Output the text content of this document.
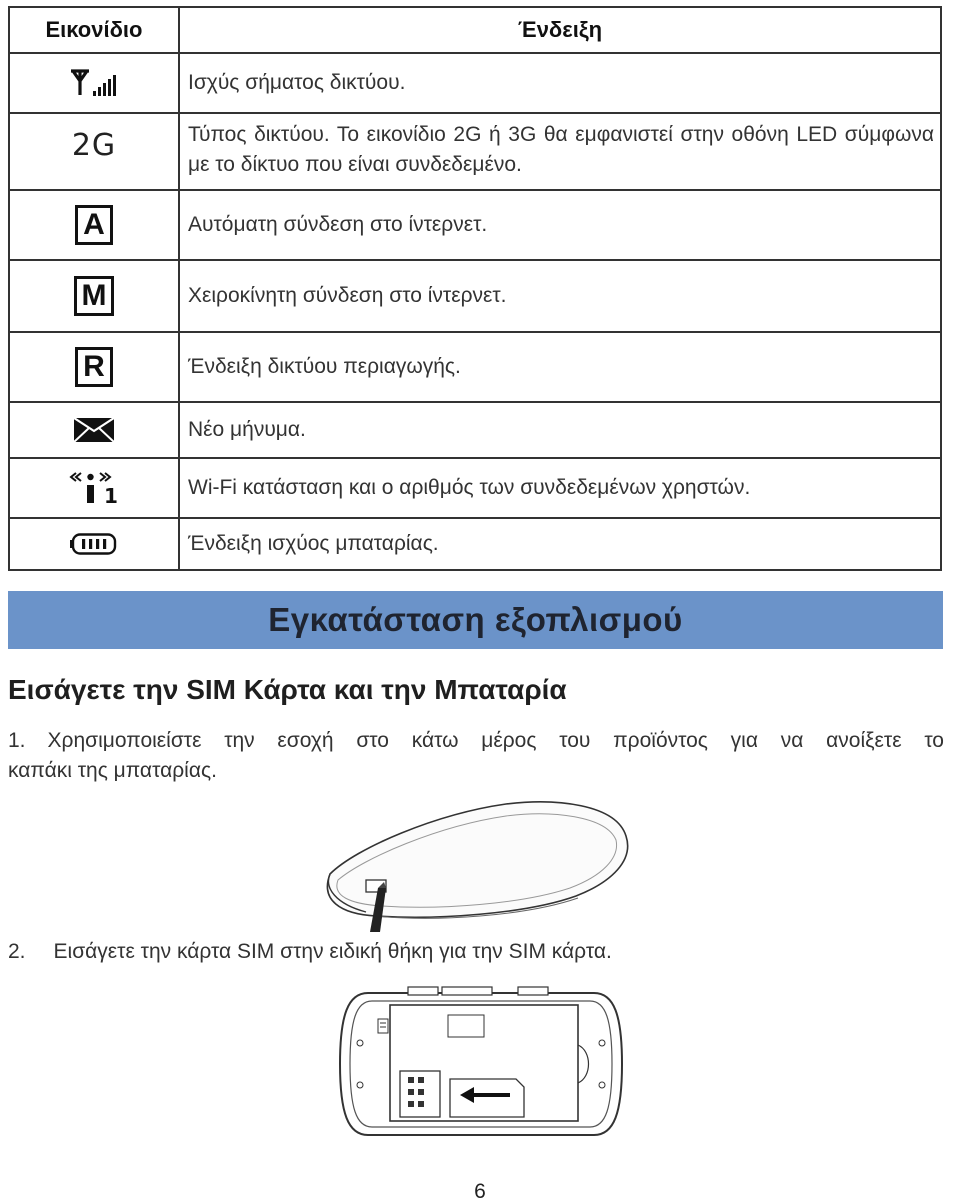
Εικονίδιο	Ένδειξη
	Ισχύς σήματος δικτύου.
2G	Τύπος δικτύου. Το εικονίδιο 2G ή 3G θα εμφανιστεί στην οθόνη LED σύμφωνα με το δίκτυο που είναι συνδεδεμένο.
A	Αυτόματη σύνδεση στο ίντερνετ.
M	Χειροκίνητη σύνδεση στο ίντερνετ.
R	Ένδειξη δικτύου περιαγωγής.
	Νέο μήνυμα.

1	Wi-Fi κατάσταση και ο αριθμός των συνδεδεμένων χρηστών.
	Ένδειξη ισχύος μπαταρίας.
Εγκατάσταση εξοπλισμού
Εισάγετε την SIM Κάρτα και την Μπαταρία
1. Χρησιμοποιείστε την εσοχή στο κάτω μέρος του προϊόντος για να ανοίξετε το
καπάκι της μπαταρίας.
2. Εισάγετε την κάρτα SIM στην ειδική θήκη για την SIM κάρτα.
6
